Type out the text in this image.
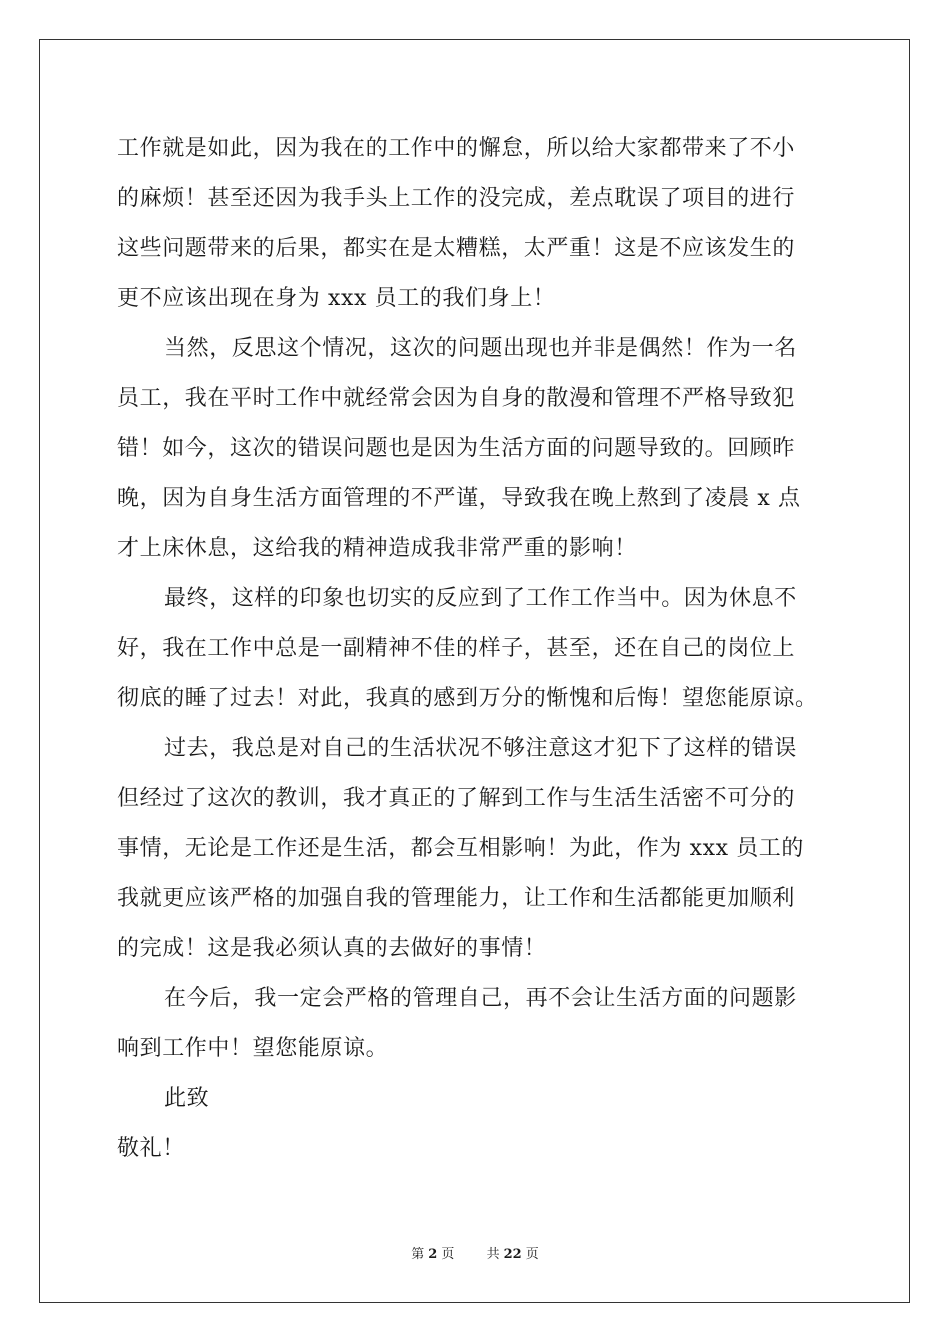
工作就是如此，因为我在的工作中的懈怠，所以给大家都带来了不小
的麻烦！甚至还因为我手头上工作的没完成，差点耽误了项目的进行
这些问题带来的后果，都实在是太糟糕，太严重！这是不应该发生的
更不应该出现在身为 xxx 员工的我们身上！
当然，反思这个情况，这次的问题出现也并非是偶然！作为一名
员工，我在平时工作中就经常会因为自身的散漫和管理不严格导致犯
错！如今，这次的错误问题也是因为生活方面的问题导致的。回顾昨
晚，因为自身生活方面管理的不严谨，导致我在晚上熬到了凌晨 x 点
才上床休息，这给我的精神造成我非常严重的影响！
最终，这样的印象也切实的反应到了工作工作当中。因为休息不
好，我在工作中总是一副精神不佳的样子，甚至，还在自己的岗位上
彻底的睡了过去！对此，我真的感到万分的惭愧和后悔！望您能原谅。
过去，我总是对自己的生活状况不够注意这才犯下了这样的错误
但经过了这次的教训，我才真正的了解到工作与生活生活密不可分的
事情，无论是工作还是生活，都会互相影响！为此，作为 xxx 员工的
我就更应该严格的加强自我的管理能力，让工作和生活都能更加顺利
的完成！这是我必须认真的去做好的事情！
在今后，我一定会严格的管理自己，再不会让生活方面的问题影
响到工作中！望您能原谅。
此致
敬礼！
第 2 页 共 22 页
